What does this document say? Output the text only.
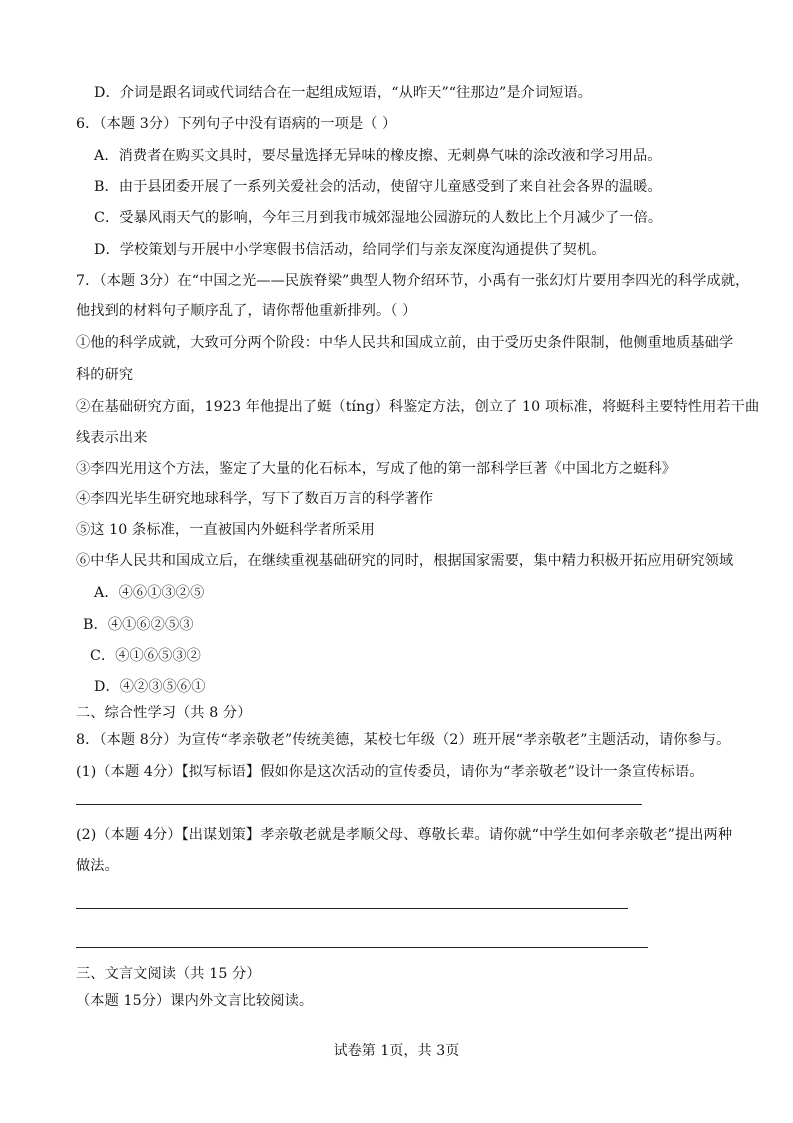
D．介词是跟名词或代词结合在一起组成短语，“从昨天”“往那边”是介词短语。
6．（本题 3分）下列句子中没有语病的一项是（ ）
A．消费者在购买文具时，要尽量选择无异味的橡皮擦、无刺鼻气味的涂改液和学习用品。
B．由于县团委开展了一系列关爱社会的活动，使留守儿童感受到了来自社会各界的温暖。
C．受暴风雨天气的影响，今年三月到我市城郊湿地公园游玩的人数比上个月减少了一倍。
D．学校策划与开展中小学寒假书信活动，给同学们与亲友深度沟通提供了契机。
7．（本题 3分）在“中国之光——民族脊梁”典型人物介绍环节，小禹有一张幻灯片要用李四光的科学成就，
他找到的材料句子顺序乱了，请你帮他重新排列。（ ）
①他的科学成就，大致可分两个阶段：中华人民共和国成立前，由于受历史条件限制，他侧重地质基础学
科的研究
②在基础研究方面，1923 年他提出了蜓（tíng）科鉴定方法，创立了 10 项标准，将蜓科主要特性用若干曲
线表示出来
③李四光用这个方法，鉴定了大量的化石标本，写成了他的第一部科学巨著《中国北方之蜓科》
④李四光毕生研究地球科学，写下了数百万言的科学著作
⑤这 10 条标准，一直被国内外蜓科学者所采用
⑥中华人民共和国成立后，在继续重视基础研究的同时，根据国家需要，集中精力积极开拓应用研究领域
A．④⑥①③②⑤
B．④①⑥②⑤③
C．④①⑥⑤③②
D．④②③⑤⑥①
二、综合性学习（共 8 分）
8．（本题 8分）为宣传“孝亲敬老”传统美德，某校七年级（2）班开展“孝亲敬老”主题活动，请你参与。
(1)（本题 4分）【拟写标语】假如你是这次活动的宣传委员，请你为“孝亲敬老”设计一条宣传标语。
(2)（本题 4分）【出谋划策】孝亲敬老就是孝顺父母、尊敬长辈。请你就“中学生如何孝亲敬老”提出两种
做法。
三、文言文阅读（共 15 分）
（本题 15分）课内外文言比较阅读。
试卷第 1页，共 3页
